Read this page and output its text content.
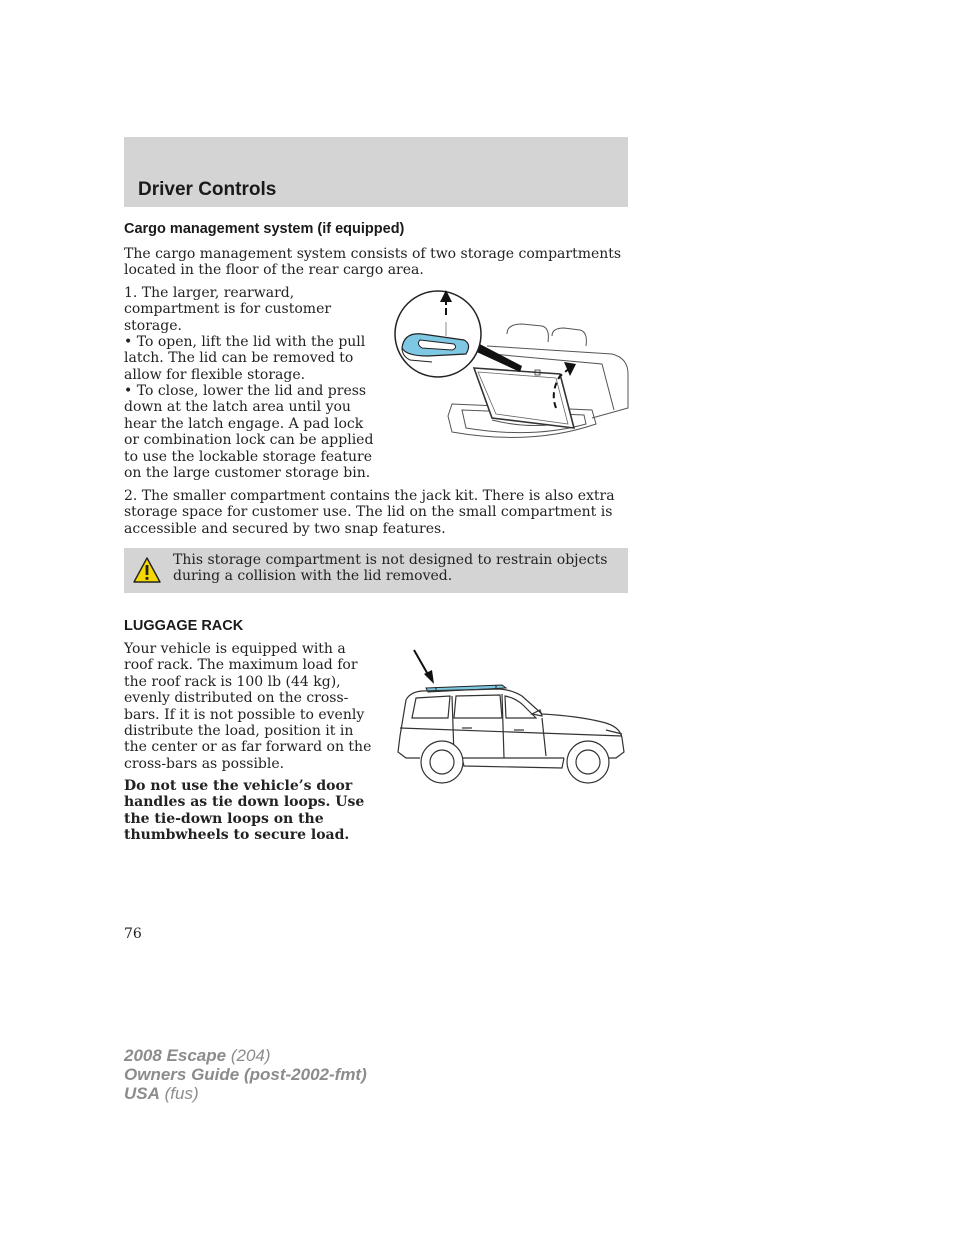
Driver Controls
Cargo management system (if equipped)

The cargo management system consists of two storage compartments located in the floor of the rear cargo area.

1. The larger, rearward, compartment is for customer storage.

• To open, lift the lid with the pull latch. The lid can be removed to allow for flexible storage.

• To close, lower the lid and press down at the latch area until you hear the latch engage. A pad lock or combination lock can be applied to use the lockable storage feature on the large customer storage bin.

2. The smaller compartment contains the jack kit. There is also extra storage space for customer use. The lid on the small compartment is accessible and secured by two snap features.

This storage compartment is not designed to restrain objects during a collision with the lid removed.
LUGGAGE RACK

Your vehicle is equipped with a roof rack. The maximum load for the roof rack is 100 lb (44 kg), evenly distributed on the cross-bars. If it is not possible to evenly distribute the load, position it in the center or as far forward on the cross-bars as possible.

Do not use the vehicle’s door handles as tie down loops. Use the tie-down loops on the thumbwheels to secure load.

76
2008 Escape (204)
Owners Guide (post-2002-fmt)
USA (fus)
